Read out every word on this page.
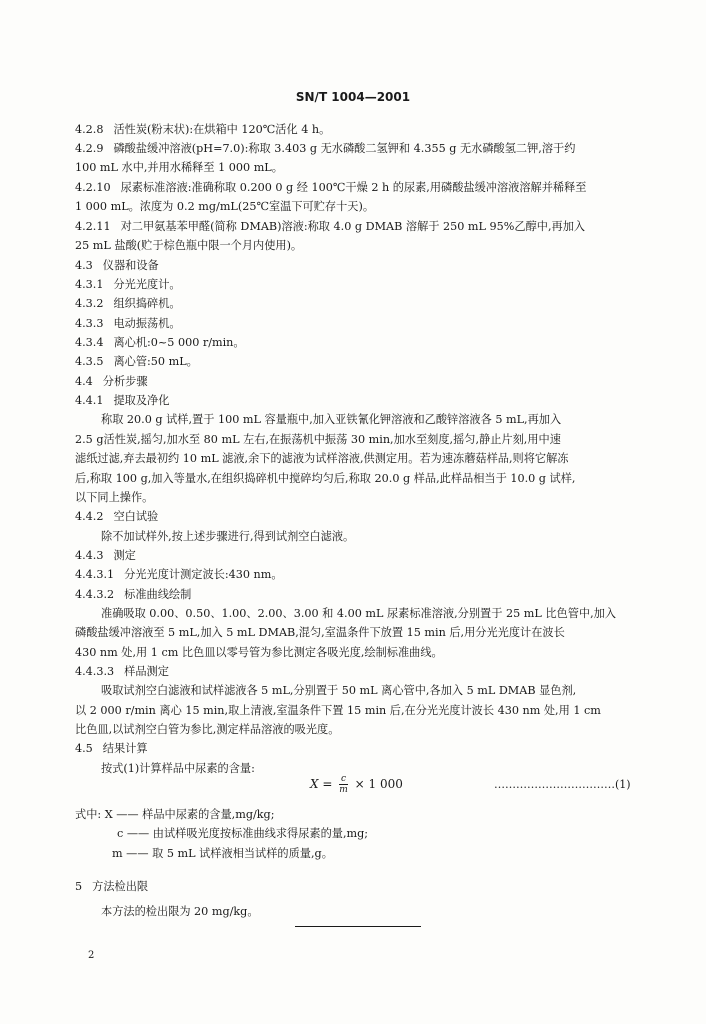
SN/T 1004—2001
4.2.8 活性炭(粉末状):在烘箱中 120℃活化 4 h。
4.2.9 磷酸盐缓冲溶液(pH=7.0):称取 3.403 g 无水磷酸二氢钾和 4.355 g 无水磷酸氢二钾,溶于约
100 mL 水中,并用水稀释至 1 000 mL。
4.2.10 尿素标准溶液:准确称取 0.200 0 g 经 100℃干燥 2 h 的尿素,用磷酸盐缓冲溶液溶解并稀释至
1 000 mL。浓度为 0.2 mg/mL(25℃室温下可贮存十天)。
4.2.11 对二甲氨基苯甲醛(简称 DMAB)溶液:称取 4.0 g DMAB 溶解于 250 mL 95%乙醇中,再加入
25 mL 盐酸(贮于棕色瓶中限一个月内使用)。
4.3 仪器和设备
4.3.1 分光光度计。
4.3.2 组织捣碎机。
4.3.3 电动振荡机。
4.3.4 离心机:0~5 000 r/min。
4.3.5 离心管:50 mL。
4.4 分析步骤
4.4.1 提取及净化
称取 20.0 g 试样,置于 100 mL 容量瓶中,加入亚铁氰化钾溶液和乙酸锌溶液各 5 mL,再加入
2.5 g活性炭,摇匀,加水至 80 mL 左右,在振荡机中振荡 30 min,加水至刻度,摇匀,静止片刻,用中速
滤纸过滤,弃去最初约 10 mL 滤液,余下的滤液为试样溶液,供测定用。若为速冻蘑菇样品,则将它解冻
后,称取 100 g,加入等量水,在组织捣碎机中搅碎均匀后,称取 20.0 g 样品,此样品相当于 10.0 g 试样,
以下同上操作。
4.4.2 空白试验
除不加试样外,按上述步骤进行,得到试剂空白滤液。
4.4.3 测定
4.4.3.1 分光光度计测定波长:430 nm。
4.4.3.2 标准曲线绘制
准确吸取 0.00、0.50、1.00、2.00、3.00 和 4.00 mL 尿素标准溶液,分别置于 25 mL 比色管中,加入
磷酸盐缓冲溶液至 5 mL,加入 5 mL DMAB,混匀,室温条件下放置 15 min 后,用分光光度计在波长
430 nm 处,用 1 cm 比色皿以零号管为参比测定各吸光度,绘制标准曲线。
4.4.3.3 样品测定
吸取试剂空白滤液和试样滤液各 5 mL,分别置于 50 mL 离心管中,各加入 5 mL DMAB 显色剂,
以 2 000 r/min 离心 15 min,取上清液,室温条件下置 15 min 后,在分光光度计波长 430 nm 处,用 1 cm
比色皿,以试剂空白管为参比,测定样品溶液的吸光度。
4.5 结果计算
按式(1)计算样品中尿素的含量:
$X = \frac{c}{m} \times 1$ 000	……………………………(1)
式中: X —— 样品中尿素的含量,mg/kg;
c —— 由试样吸光度按标准曲线求得尿素的量,mg;
m —— 取 5 mL 试样液相当试样的质量,g。
5 方法检出限
本方法的检出限为 20 mg/kg。
2
